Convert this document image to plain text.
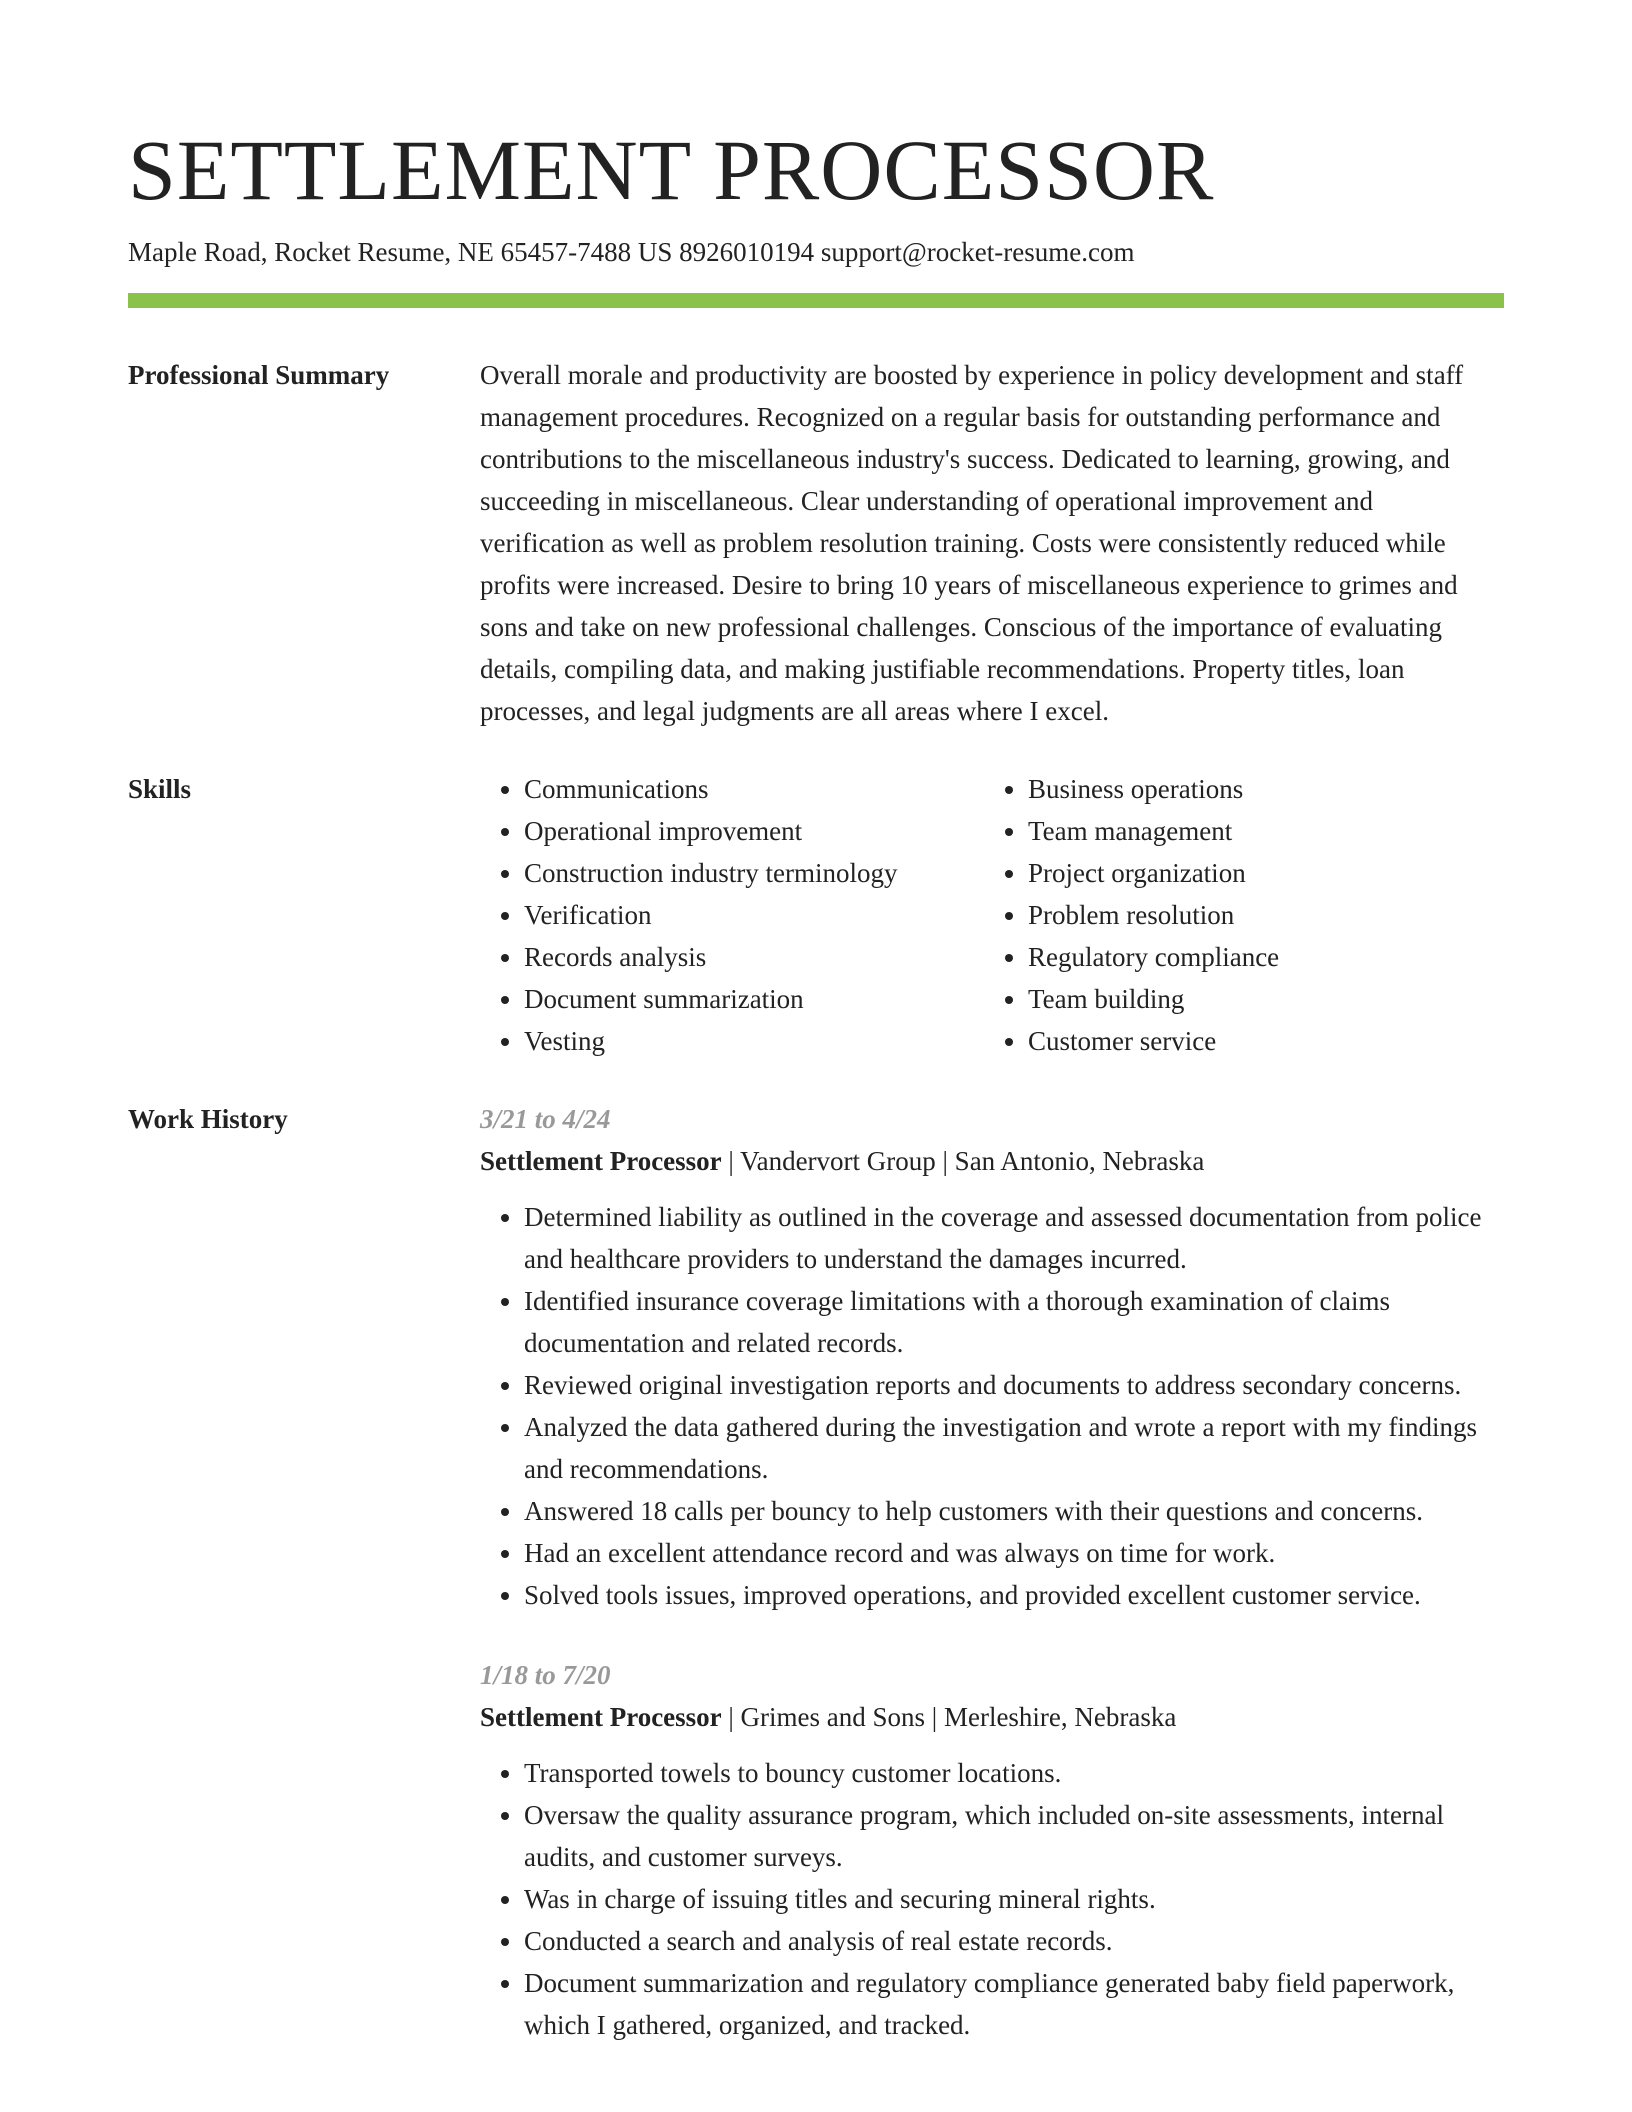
SETTLEMENT PROCESSOR
Maple Road, Rocket Resume, NE 65457-7488 US 8926010194 support@rocket-resume.com
Professional Summary	Overall morale and productivity are boosted by experience in policy development and staff management procedures. Recognized on a regular basis for outstanding performance and contributions to the miscellaneous industry's success. Dedicated to learning, growing, and succeeding in miscellaneous. Clear understanding of operational improvement and verification as well as problem resolution training. Costs were consistently reduced while profits were increased. Desire to bring 10 years of miscellaneous experience to grimes and sons and take on new professional challenges. Conscious of the importance of evaluating details, compiling data, and making justifiable recommendations. Property titles, loan processes, and legal judgments are all areas where I excel.

Skills
•	Communications
• Operational improvement
• Construction industry terminology
• Verification
• Records analysis
• Document summarization
• Vesting
• Business operations
• Team management
• Project organization
• Problem resolution
• Regulatory compliance
• Team building
• Customer service
Work History	3/21 to 4/24
Settlement Processor | Vandervort Group | San Antonio, Nebraska
• Determined liability as outlined in the coverage and assessed documentation from police and healthcare providers to understand the damages incurred.
• Identified insurance coverage limitations with a thorough examination of claims documentation and related records.
• Reviewed original investigation reports and documents to address secondary concerns.
• Analyzed the data gathered during the investigation and wrote a report with my findings and recommendations.
• Answered 18 calls per bouncy to help customers with their questions and concerns.
• Had an excellent attendance record and was always on time for work.
• Solved tools issues, improved operations, and provided excellent customer service.
1/18 to 7/20
Settlement Processor | Grimes and Sons | Merleshire, Nebraska
• Transported towels to bouncy customer locations.
• Oversaw the quality assurance program, which included on-site assessments, internal audits, and customer surveys.
• Was in charge of issuing titles and securing mineral rights.
• Conducted a search and analysis of real estate records.
• Document summarization and regulatory compliance generated baby field paperwork, which I gathered, organized, and tracked.
